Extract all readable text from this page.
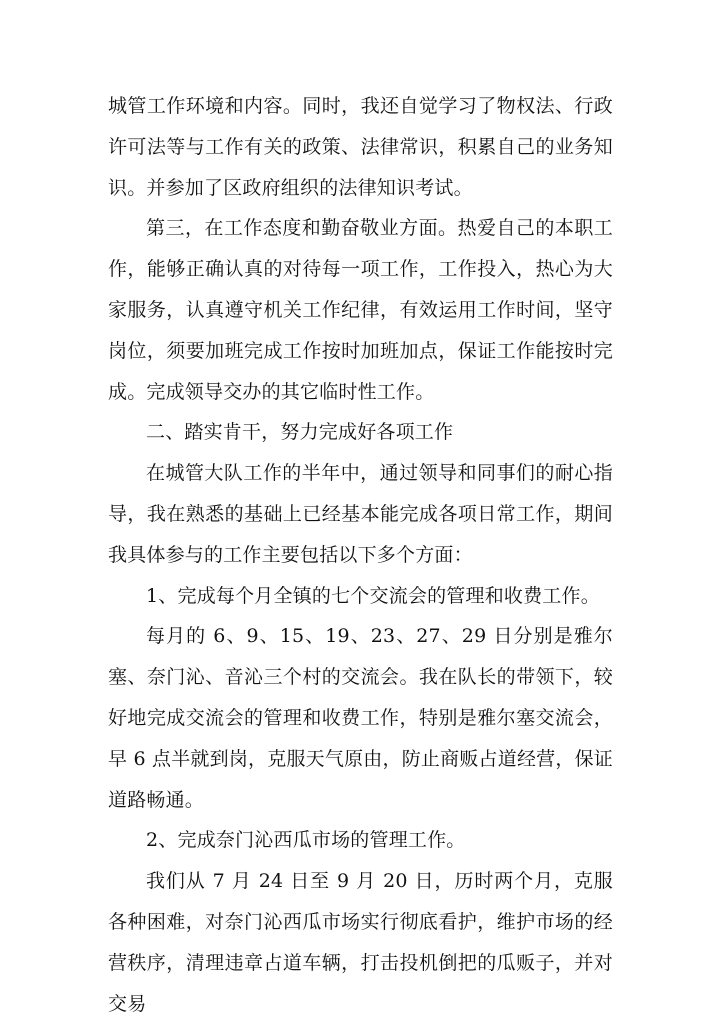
城管工作环境和内容。同时，我还自觉学习了物权法、行政许可法等与工作有关的政策、法律常识，积累自己的业务知识。并参加了区政府组织的法律知识考试。

第三，在工作态度和勤奋敬业方面。热爱自己的本职工作，能够正确认真的对待每一项工作，工作投入，热心为大家服务，认真遵守机关工作纪律，有效运用工作时间，坚守岗位，须要加班完成工作按时加班加点，保证工作能按时完成。完成领导交办的其它临时性工作。

二、踏实肯干，努力完成好各项工作

在城管大队工作的半年中，通过领导和同事们的耐心指导，我在熟悉的基础上已经基本能完成各项日常工作，期间我具体参与的工作主要包括以下多个方面：

1、完成每个月全镇的七个交流会的管理和收费工作。

每月的 6、9、15、19、23、27、29 日分别是雅尔塞、奈门沁、音沁三个村的交流会。我在队长的带领下，较好地完成交流会的管理和收费工作，特别是雅尔塞交流会，早 6 点半就到岗，克服天气原由，防止商贩占道经营，保证道路畅通。

2、完成奈门沁西瓜市场的管理工作。

我们从 7 月 24 日至 9 月 20 日，历时两个月，克服各种困难，对奈门沁西瓜市场实行彻底看护，维护市场的经营秩序，清理违章占道车辆，打击投机倒把的瓜贩子，并对交易
